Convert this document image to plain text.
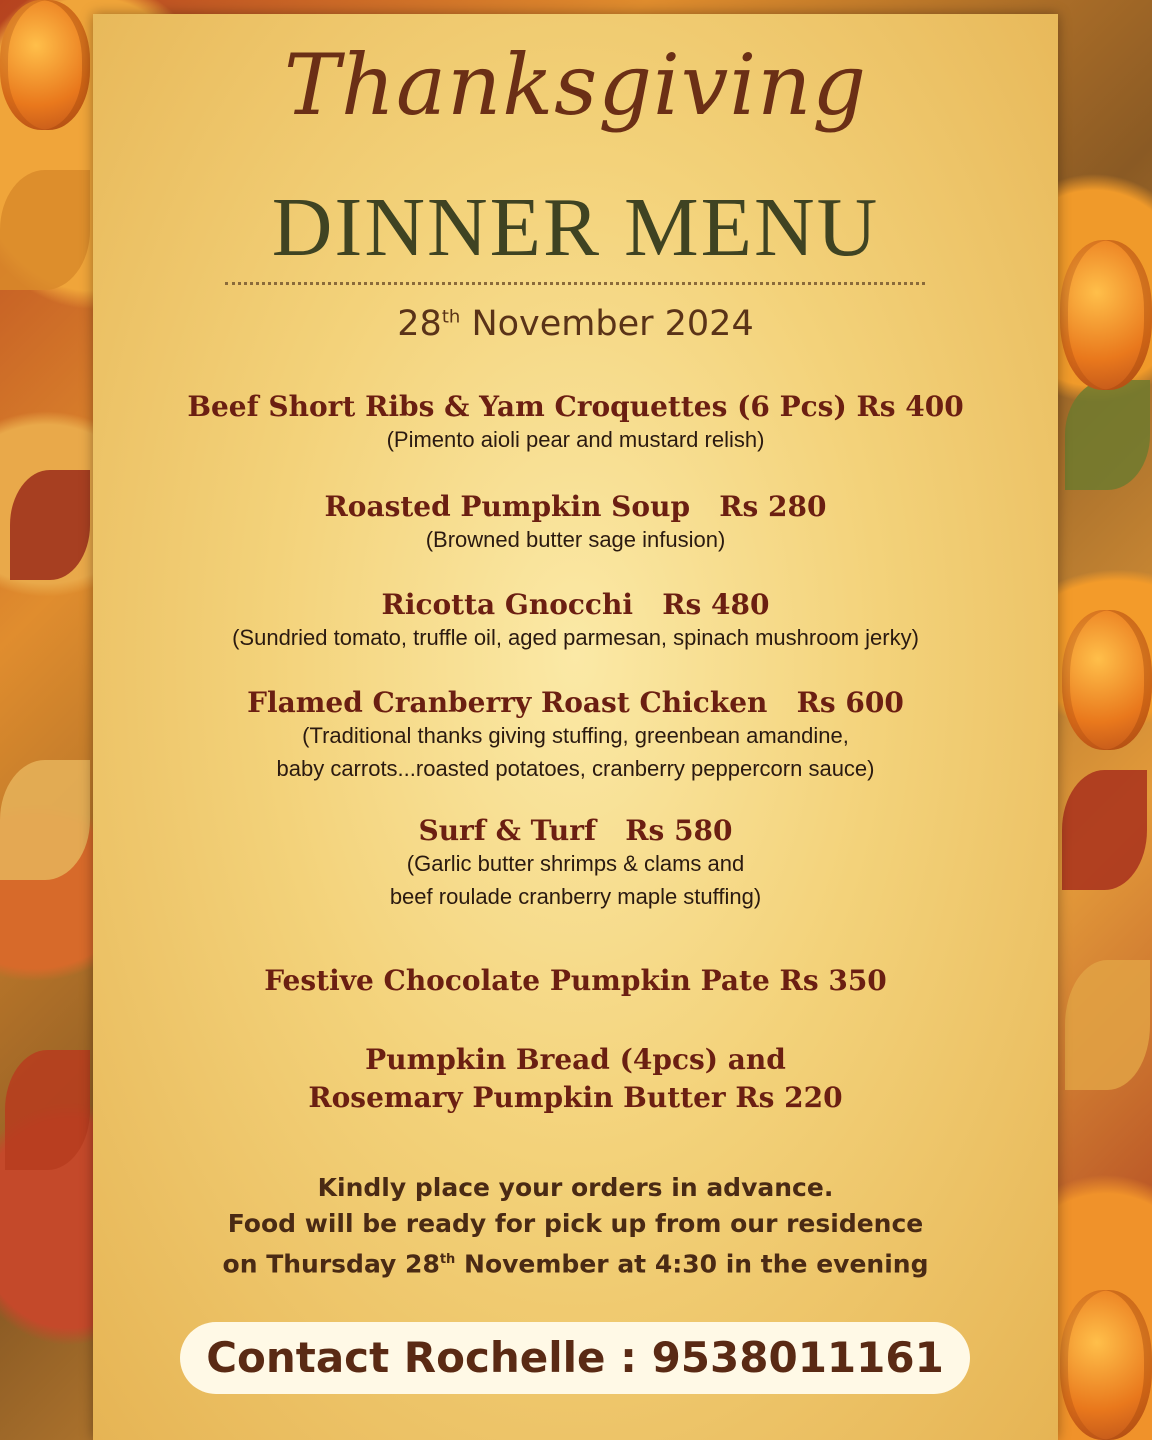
Thanksgiving
DINNER MENU
28th November 2024
Beef Short Ribs & Yam Croquettes (6 Pcs) Rs 400
(Pimento aioli pear and mustard relish)
Roasted Pumpkin Soup   Rs 280
(Browned butter sage infusion)
Ricotta Gnocchi   Rs 480
(Sundried tomato, truffle oil, aged parmesan, spinach mushroom jerky)
Flamed Cranberry Roast Chicken   Rs 600
(Traditional thanks giving stuffing, greenbean amandine,
baby carrots...roasted potatoes, cranberry peppercorn sauce)
Surf & Turf   Rs 580
(Garlic butter shrimps & clams and
beef roulade cranberry maple stuffing)
Festive Chocolate Pumpkin Pate Rs 350
Pumpkin Bread (4pcs) and
Rosemary Pumpkin Butter Rs 220
Kindly place your orders in advance.
Food will be ready for pick up from our residence
on Thursday 28th November at 4:30 in the evening
Contact Rochelle : 9538011161
